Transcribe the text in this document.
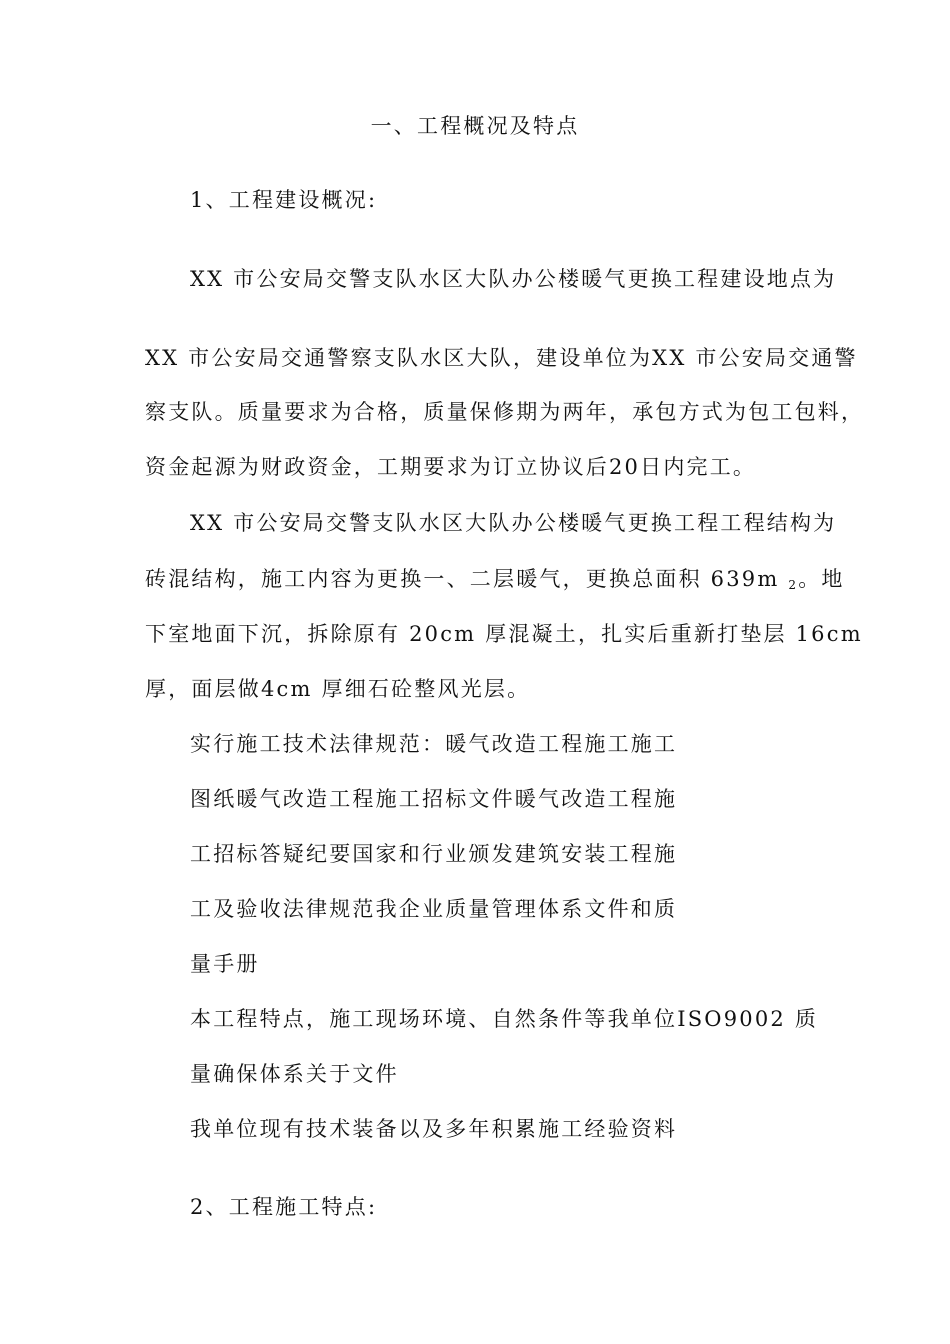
一、工程概况及特点
1、工程建设概况:
XX 市公安局交警支队水区大队办公楼暖气更换工程建设地点为
XX 市公安局交通警察支队水区大队，建设单位为XX 市公安局交通警
察支队。质量要求为合格，质量保修期为两年，承包方式为包工包料，
资金起源为财政资金，工期要求为订立协议后20日内完工。
XX 市公安局交警支队水区大队办公楼暖气更换工程工程结构为
砖混结构，施工内容为更换一、二层暖气，更换总面积 639m $_2$。地
下室地面下沉，拆除原有 20cm 厚混凝土，扎实后重新打垫层 16cm
厚，面层做4cm 厚细石砼整风光层。
实行施工技术法律规范：暖气改造工程施工施工
图纸暖气改造工程施工招标文件暖气改造工程施
工招标答疑纪要国家和行业颁发建筑安装工程施
工及验收法律规范我企业质量管理体系文件和质
量手册
本工程特点，施工现场环境、自然条件等我单位ISO9002 质
量确保体系关于文件
我单位现有技术装备以及多年积累施工经验资料
2、工程施工特点:
